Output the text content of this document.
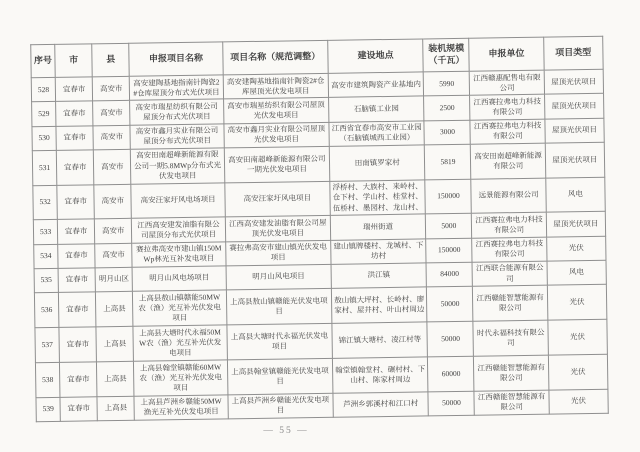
序号	市	县	申报项目名称	项目名称（规范调整）	建设地点	装机规模（千瓦）	申报单位	项目类型
528	宜春市	高安市	高安建陶基地指南针陶瓷2#仓库屋顶分布式光伏项目	高安建陶基地指南针陶瓷2#仓库屋顶光伏发电项目	高安市建筑陶瓷产业基地内	5990	江西赣惠配售电有限公司	屋顶光伏项目
529	宜春市	高安市	高安市瑞星纺织有限公司屋顶分布式光伏项目	高安市瑞星纺织有限公司屋顶光伏发电项目	石脑镇工业园	2500	江西赛拉弗电力科技有限公司	屋顶光伏项目
530	宜春市	高安市	高安市鑫月实业有限公司屋顶分布式光伏项目	高安市鑫月实业有限公司屋顶光伏发电项目	江西省宜春市高安市工业园（石脑镇城西工业园）	3000	江西赛拉弗电力科技有限公司	屋顶光伏项目
531	宜春市	高安市	高安田南超峰新能源有限公司一期5.8MWp分布式光伏发电项目	高安田南超峰新能源有限公司一期光伏发电项目	田南镇罗家村	5819	高安田南超峰新能源有限公司	屋顶光伏项目
532	宜春市	高安市	高安汪家圩风电场项目	高安汪家圩风电项目	浮桥村、大族村、来岭村、仓下村、学山村、桂堂村、伍桥村、墨园村、龙山村、	150000	远景能源有限公司	风电
533	宜春市	高安市	江西高安建发油脂有限公司屋顶分布式光伏项目	江西高安建发油脂有限公司屋顶光伏发电项目	瑞州街道	5000	江西赛拉弗电力科技有限公司	屋顶光伏项目
534	宜春市	高安市	赛拉弗高安市建山镇150MWp林光互补发电项目	赛拉弗高安市建山镇光伏发电项目	建山镇牌楼村、龙城村、下坊村	150000	江西赛拉弗电力科技有限公司	光伏
535	宜春市	明月山区	明月山风电场项目	明月山风电项目	洪江镇	84000	江西联合能源有限公司	风电
536	宜春市	上高县	上高县敖山镇赣能50MW农（渔）光互补光伏发电项目	上高县敖山镇赣能光伏发电项目	敖山镇大坪村、长岭村、廖家村、屋井村、叶山村周边	50000	江西赣能智慧能源有限公司	光伏
537	宜春市	上高县	上高县大塘时代永福50MW农（渔）光互补光伏发电项目	上高县大塘时代永福光伏发电项目	锦江镇大塘村、凌江村等	50000	时代永福科技有限公司	光伏
538	宜春市	上高县	上高县翰堂镇赣能60MW农（渔）光互补光伏发电项目	上高县翰堂镇赣能光伏发电项目	翰堂镇翰堂村、碾村村、下山村、陈家村周边	60000	江西赣能智慧能源有限公司	光伏
539	宜春市	上高县	上高县芦洲乡赣能50MW渔光互补光伏发电项目	上高县芦洲乡赣能光伏发电项目	芦洲乡郭溪村和江口村	50000	江西赣能智慧能源有限公司	光伏
— 55 —
